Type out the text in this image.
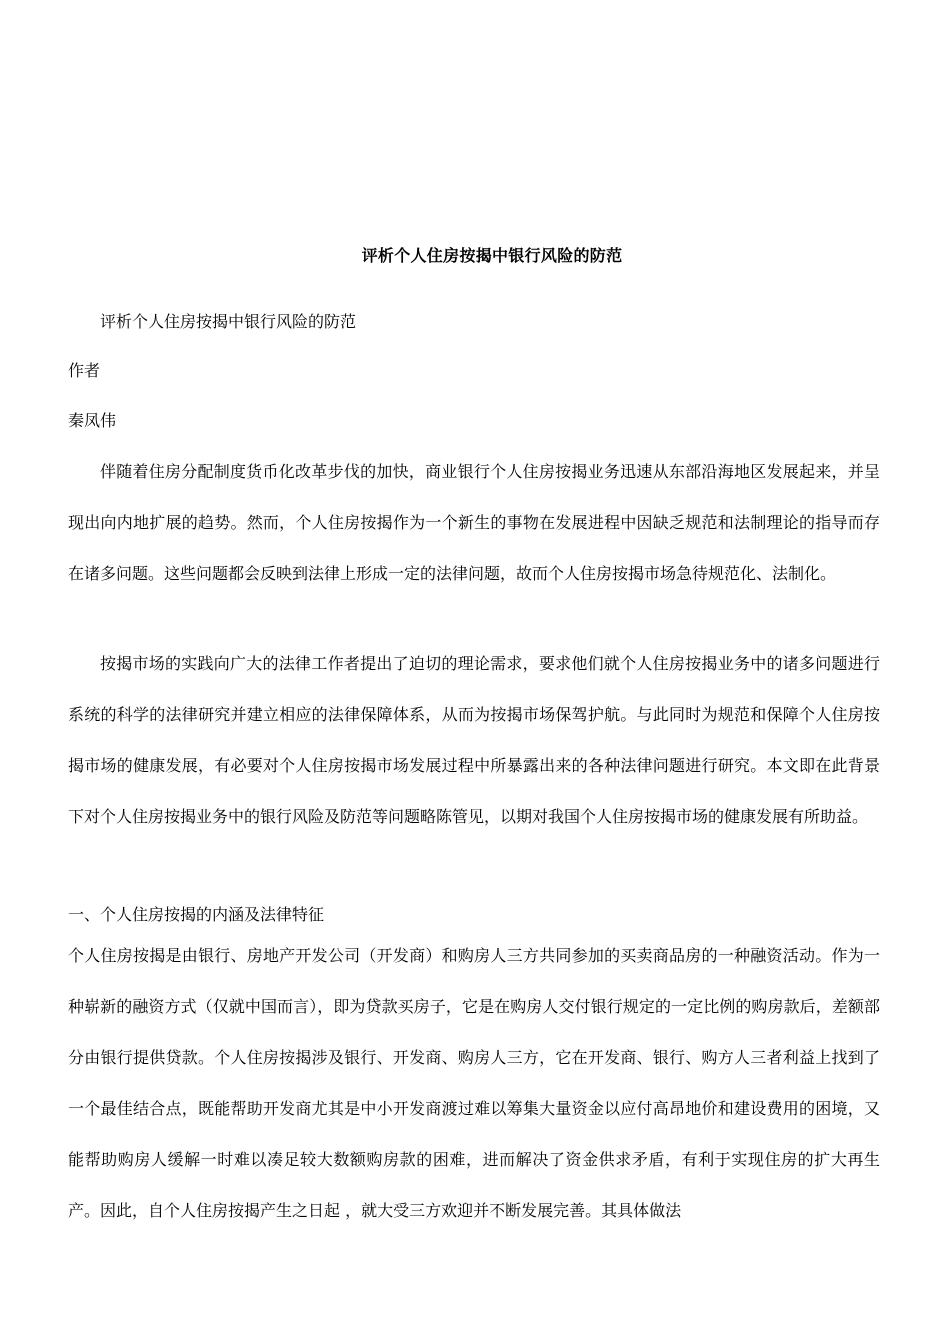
评析个人住房按揭中银行风险的防范
评析个人住房按揭中银行风险的防范
作者
秦凤伟
伴随着住房分配制度货币化改革步伐的加快，商业银行个人住房按揭业务迅速从东部沿海地区发展起来，并呈现出向内地扩展的趋势。然而，个人住房按揭作为一个新生的事物在发展进程中因缺乏规范和法制理论的指导而存在诸多问题。这些问题都会反映到法律上形成一定的法律问题，故而个人住房按揭市场急待规范化、法制化。
按揭市场的实践向广大的法律工作者提出了迫切的理论需求，要求他们就个人住房按揭业务中的诸多问题进行系统的科学的法律研究并建立相应的法律保障体系，从而为按揭市场保驾护航。与此同时为规范和保障个人住房按揭市场的健康发展，有必要对个人住房按揭市场发展过程中所暴露出来的各种法律问题进行研究。本文即在此背景下对个人住房按揭业务中的银行风险及防范等问题略陈管见，以期对我国个人住房按揭市场的健康发展有所助益。
一、个人住房按揭的内涵及法律特征
个人住房按揭是由银行、房地产开发公司（开发商）和购房人三方共同参加的买卖商品房的一种融资活动。作为一种崭新的融资方式（仅就中国而言），即为贷款买房子，它是在购房人交付银行规定的一定比例的购房款后，差额部分由银行提供贷款。个人住房按揭涉及银行、开发商、购房人三方，它在开发商、银行、购方人三者利益上找到了一个最佳结合点，既能帮助开发商尤其是中小开发商渡过难以筹集大量资金以应付高昂地价和建设费用的困境，又能帮助购房人缓解一时难以凑足较大数额购房款的困难，进而解决了资金供求矛盾，有利于实现住房的扩大再生产。因此，自个人住房按揭产生之日起 ，就大受三方欢迎并不断发展完善。其具体做法
